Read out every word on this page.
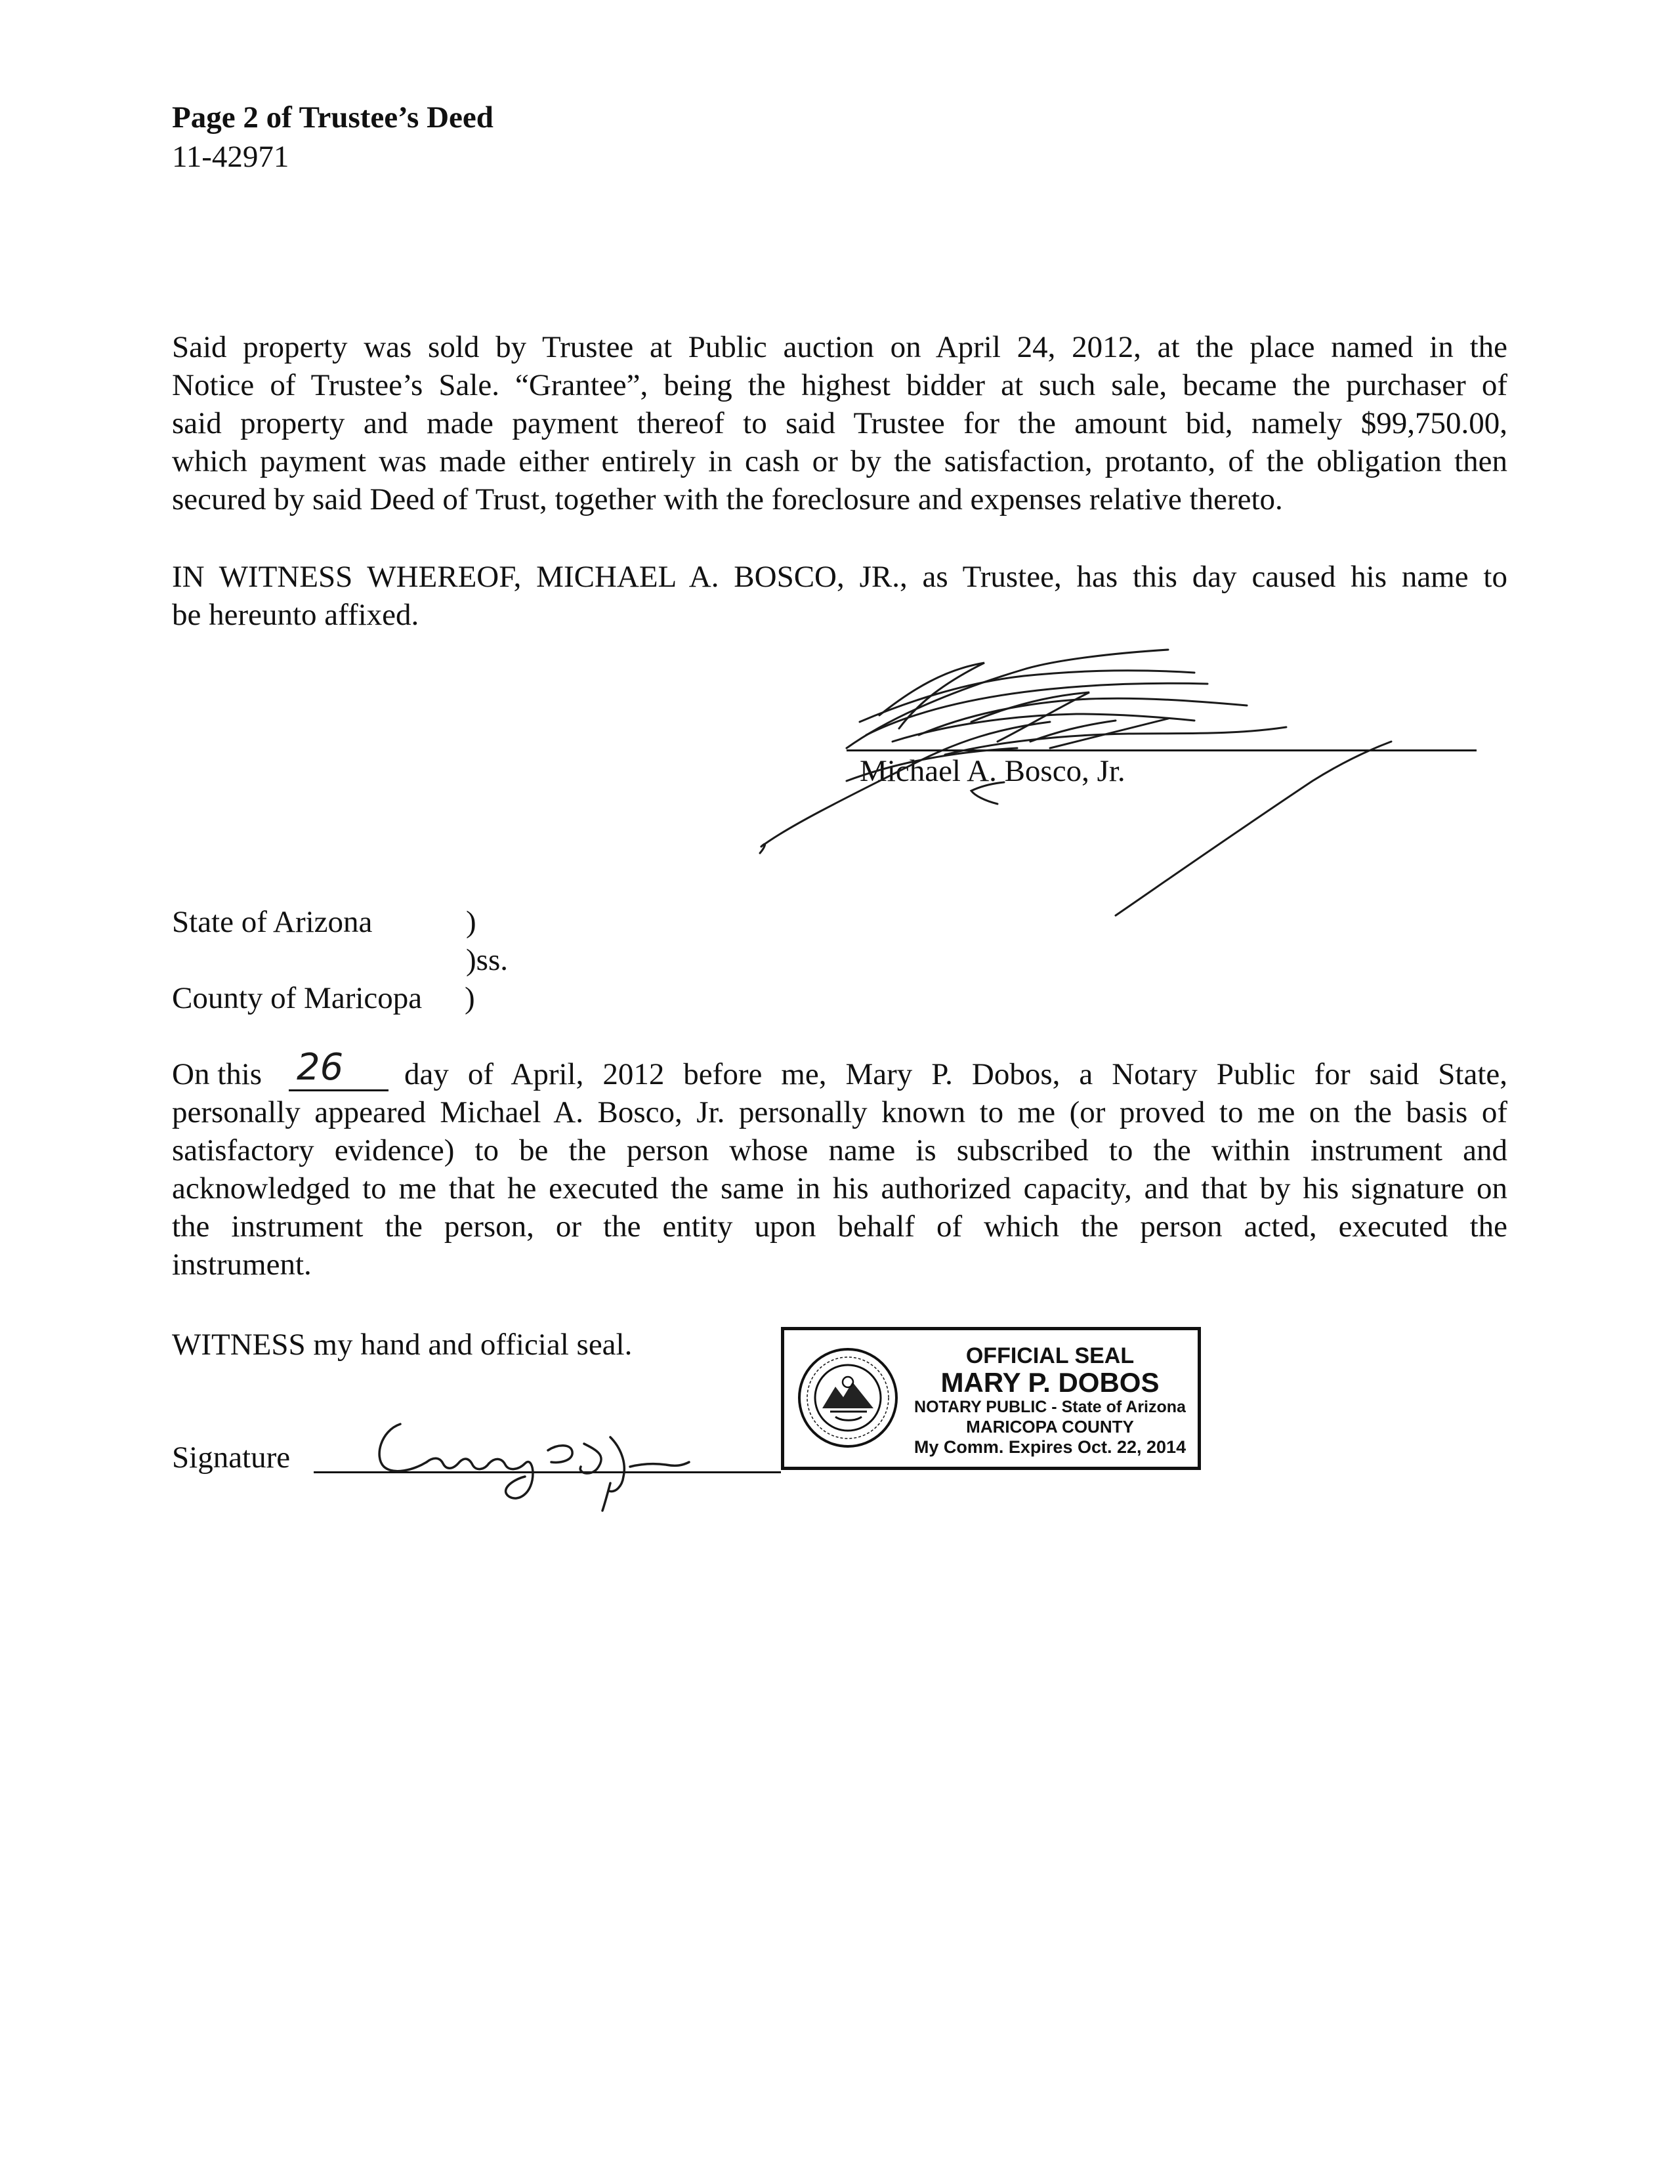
Page 2 of Trustee’s Deed
11-42971
Said property was sold by Trustee at Public auction on April 24, 2012, at the place named in the
Notice of Trustee’s Sale. “Grantee”, being the highest bidder at such sale, became the purchaser of
said property and made payment thereof to said Trustee for the amount bid, namely $99,750.00,
which payment was made either entirely in cash or by the satisfaction, protanto, of the obligation then
secured by said Deed of Trust, together with the foreclosure and expenses relative thereto.
IN WITNESS WHEREOF, MICHAEL A. BOSCO, JR., as Trustee, has this day caused his name to
be hereunto affixed.
Michael A. Bosco, Jr.
State of Arizona	)
)ss.
County of Maricopa )
On this 26 day of April, 2012 before me, Mary P. Dobos, a Notary Public for said State,
personally appeared Michael A. Bosco, Jr. personally known to me (or proved to me on the basis of
satisfactory evidence) to be the person whose name is subscribed to the within instrument and
acknowledged to me that he executed the same in his authorized capacity, and that by his signature on
the instrument the person, or the entity upon behalf of which the person acted, executed the
instrument.
WITNESS my hand and official seal.
Signature
OFFICIAL SEAL
MARY P. DOBOS
NOTARY PUBLIC - State of Arizona
MARICOPA COUNTY
My Comm. Expires Oct. 22, 2014
